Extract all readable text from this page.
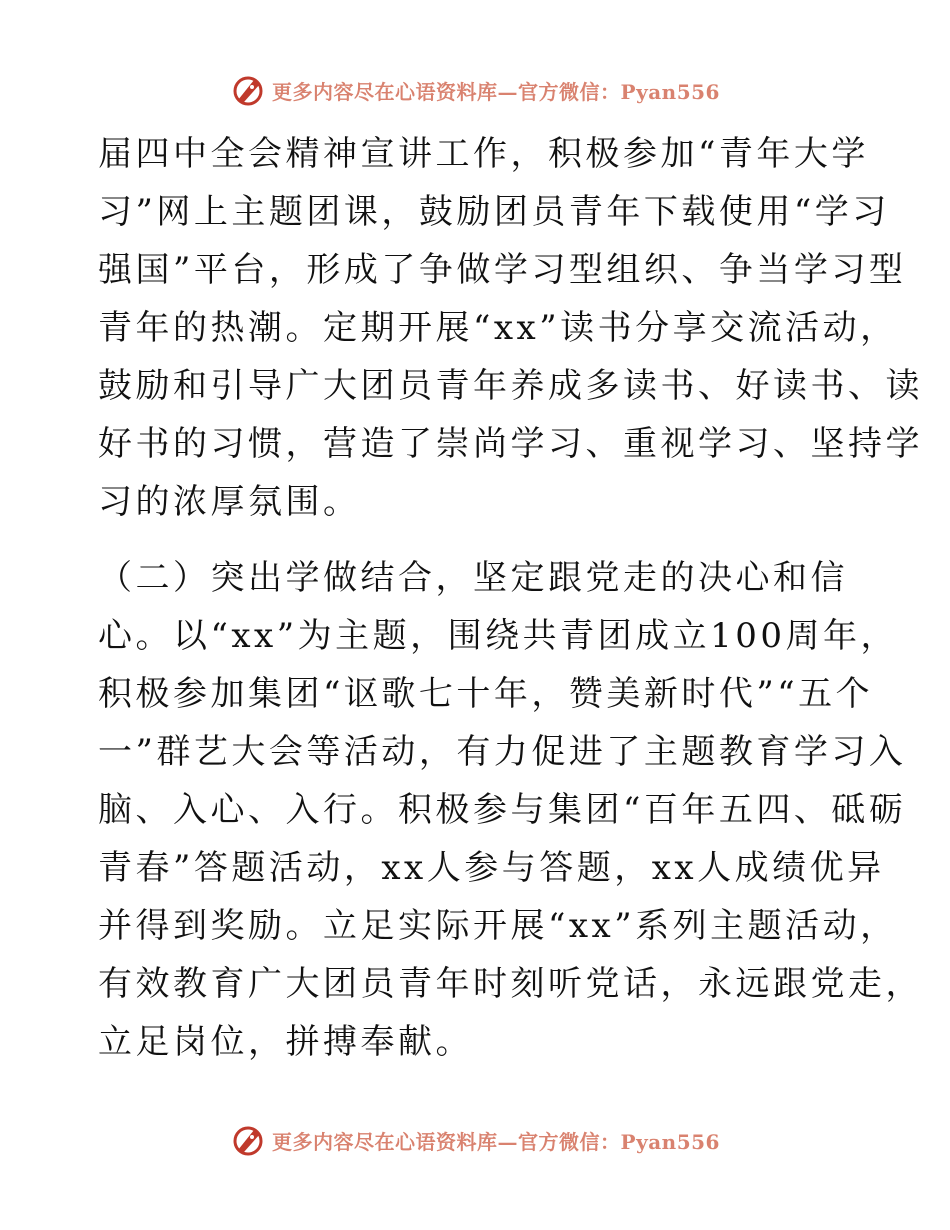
更多内容尽在心语资料库—官方微信：Pyan556
届四中全会精神宣讲工作，积极参加“青年大学
习”网上主题团课，鼓励团员青年下载使用“学习
强国”平台，形成了争做学习型组织、争当学习型
青年的热潮。定期开展“xx”读书分享交流活动，
鼓励和引导广大团员青年养成多读书、好读书、读
好书的习惯，营造了崇尚学习、重视学习、坚持学
习的浓厚氛围。
（二）突出学做结合，坚定跟党走的决心和信
心。以“xx”为主题，围绕共青团成立100周年，
积极参加集团“讴歌七十年，赞美新时代”“五个
一”群艺大会等活动，有力促进了主题教育学习入
脑、入心、入行。积极参与集团“百年五四、砥砺
青春”答题活动，xx人参与答题，xx人成绩优异
并得到奖励。立足实际开展“xx”系列主题活动，
有效教育广大团员青年时刻听党话，永远跟党走，
立足岗位，拼搏奉献。
更多内容尽在心语资料库—官方微信：Pyan556
